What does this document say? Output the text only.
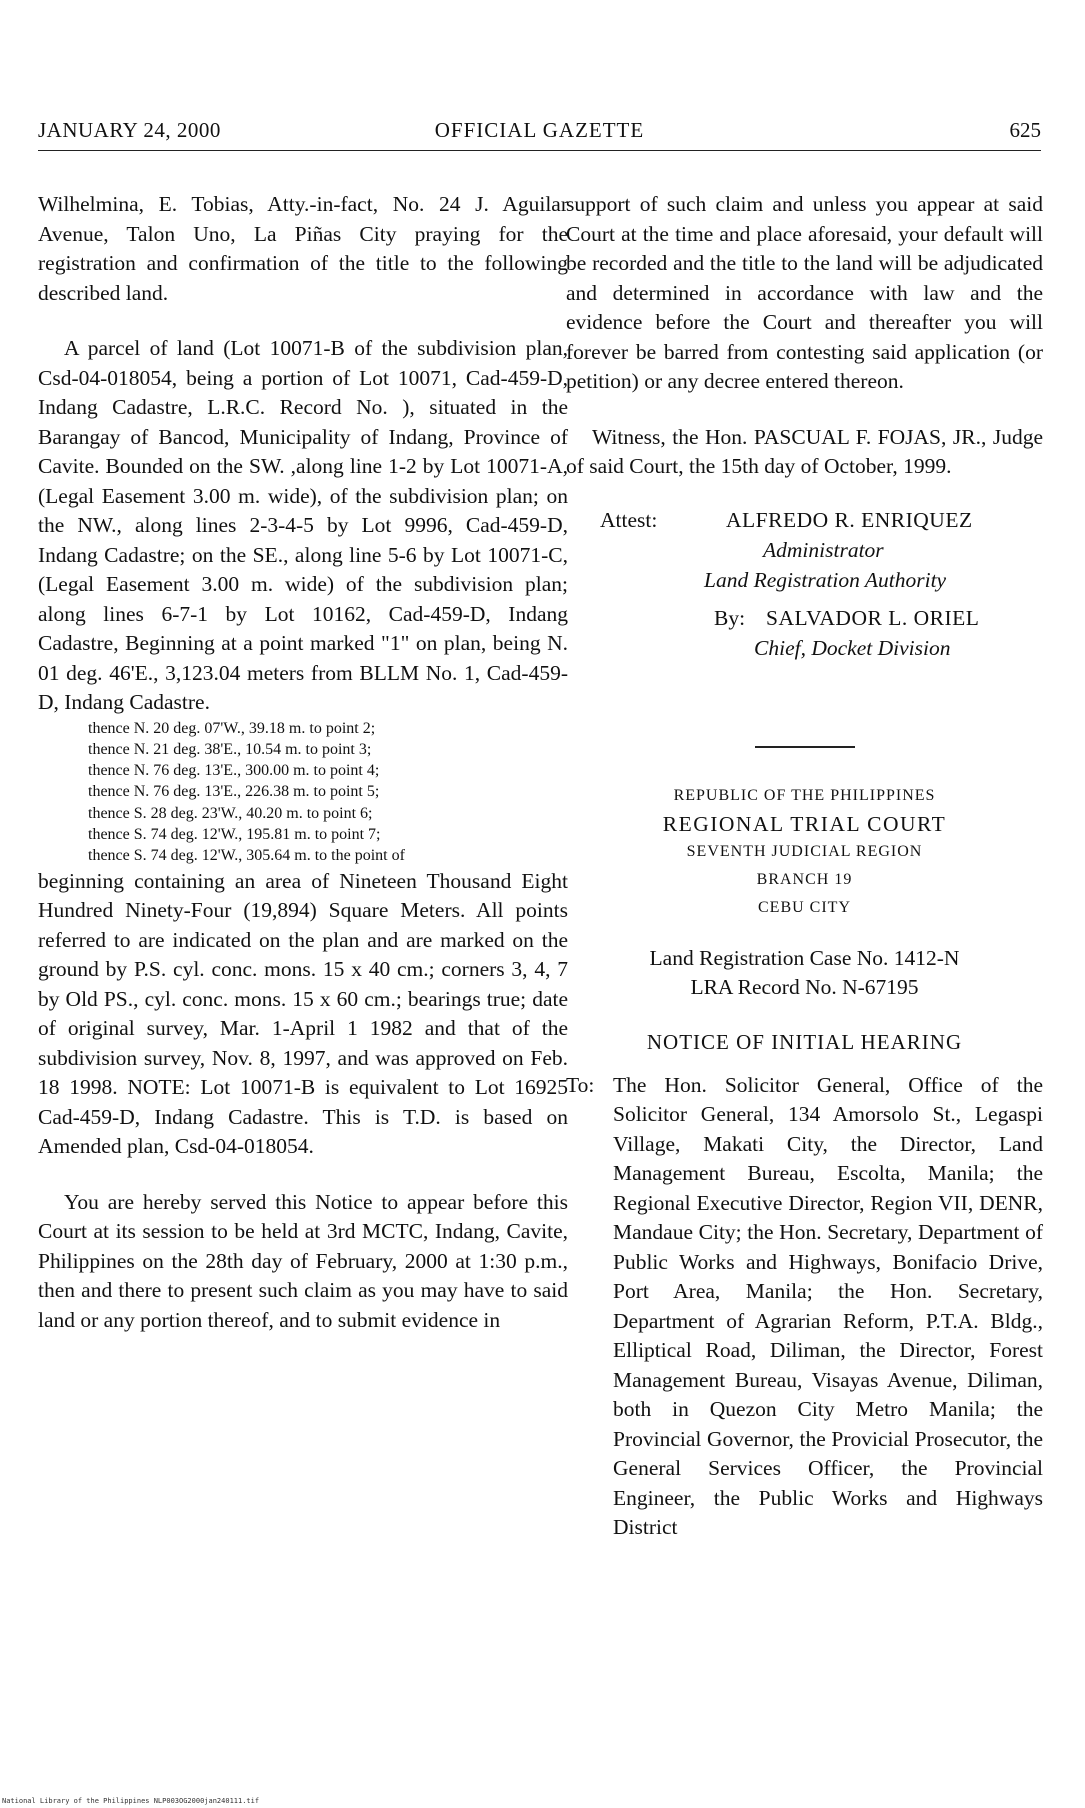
JANUARY 24, 2000	OFFICIAL GAZETTE	625

Wilhelmina, E. Tobias, Atty.-in-fact, No. 24 J. Aguilar Avenue, Talon Uno, La Piñas City praying for the registration and confirmation of the title to the following described land.

A parcel of land (Lot 10071-B of the subdivision plan, Csd-04-018054, being a portion of Lot 10071, Cad-459-D, Indang Cadastre, L.R.C. Record No. ), situated in the Barangay of Bancod, Municipality of Indang, Province of Cavite. Bounded on the SW. ,along line 1-2 by Lot 10071-A, (Legal Easement 3.00 m. wide), of the subdivision plan; on the NW., along lines 2-3-4-5 by Lot 9996, Cad-459-D, Indang Cadastre; on the SE., along line 5-6 by Lot 10071-C, (Legal Easement 3.00 m. wide) of the subdivision plan; along lines 6-7-1 by Lot 10162, Cad-459-D, Indang Cadastre, Beginning at a point marked "1" on plan, being N. 01 deg. 46'E., 3,123.04 meters from BLLM No. 1, Cad-459-D, Indang Cadastre.

thence N. 20 deg. 07'W., 39.18 m. to point 2;
thence N. 21 deg. 38'E., 10.54 m. to point 3;
thence N. 76 deg. 13'E., 300.00 m. to point 4;
thence N. 76 deg. 13'E., 226.38 m. to point 5;
thence S. 28 deg. 23'W., 40.20 m. to point 6;
thence S. 74 deg. 12'W., 195.81 m. to point 7;
thence S. 74 deg. 12'W., 305.64 m. to the point of

beginning containing an area of Nineteen Thousand Eight Hundred Ninety-Four (19,894) Square Meters. All points referred to are indicated on the plan and are marked on the ground by P.S. cyl. conc. mons. 15 x 40 cm.; corners 3, 4, 7 by Old PS., cyl. conc. mons. 15 x 60 cm.; bearings true; date of original survey, Mar. 1-April 1 1982 and that of the subdivision survey, Nov. 8, 1997, and was approved on Feb. 18 1998. NOTE: Lot 10071-B is equivalent to Lot 16925 Cad-459-D, Indang Cadastre. This is T.D. is based on Amended plan, Csd-04-018054.

You are hereby served this Notice to appear before this Court at its session to be held at 3rd MCTC, Indang, Cavite, Philippines on the 28th day of February, 2000 at 1:30 p.m., then and there to present such claim as you may have to said land or any portion thereof, and to submit evidence in

support of such claim and unless you appear at said Court at the time and place aforesaid, your default will be recorded and the title to the land will be adjudicated and determined in accordance with law and the evidence before the Court and thereafter you will forever be barred from contesting said application (or petition) or any decree entered thereon.

Witness, the Hon. PASCUAL F. FOJAS, JR., Judge of said Court, the 15th day of October, 1999.

Attest:	ALFREDO R. ENRIQUEZ
Administrator
Land Registration Authority
By: SALVADOR L. ORIEL
Chief, Docket Division
REPUBLIC OF THE PHILIPPINES
REGIONAL TRIAL COURT
SEVENTH JUDICIAL REGION
BRANCH 19
CEBU CITY
Land Registration Case No. 1412-N
LRA Record No. N-67195
NOTICE OF INITIAL HEARING
To: The Hon. Solicitor General, Office of the Solicitor General, 134 Amorsolo St., Legaspi Village, Makati City, the Director, Land Management Bureau, Escolta, Manila; the Regional Executive Director, Region VII, DENR, Mandaue City; the Hon. Secretary, Department of Public Works and Highways, Bonifacio Drive, Port Area, Manila; the Hon. Secretary, Department of Agrarian Reform, P.T.A. Bldg., Elliptical Road, Diliman, the Director, Forest Management Bureau, Visayas Avenue, Diliman, both in Quezon City Metro Manila; the Provincial Governor, the Provicial Prosecutor, the General Services Officer, the Provincial Engineer, the Public Works and Highways District
National Library of the Philippines NLP003OG2000jan240111.tif
